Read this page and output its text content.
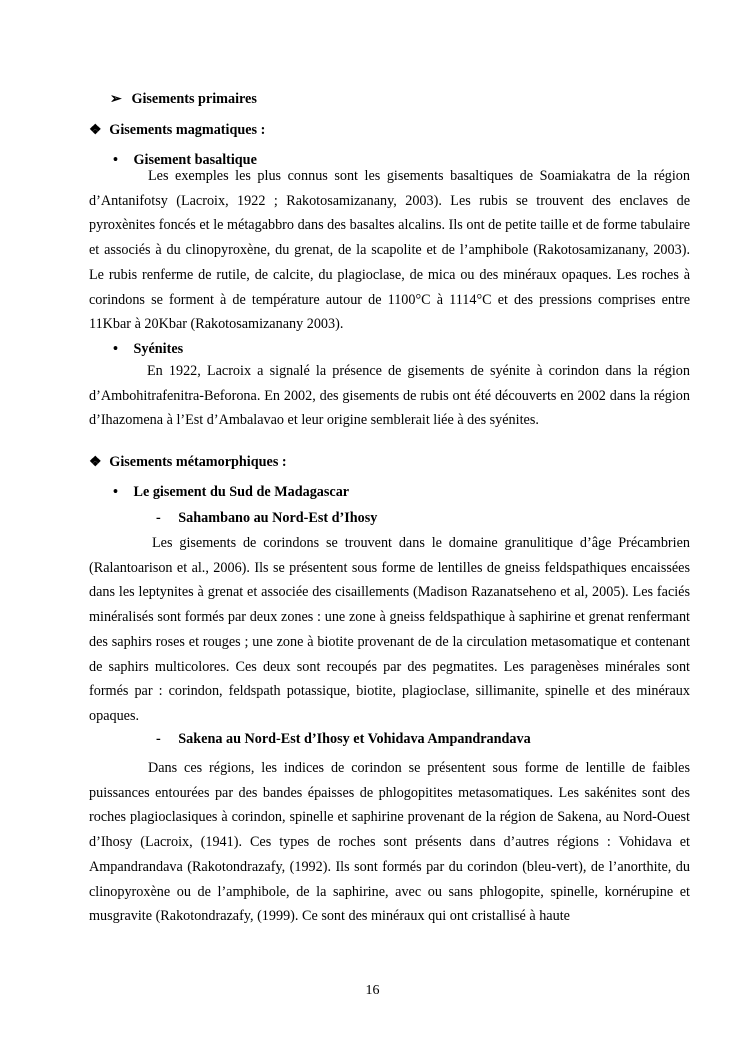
➢ Gisements primaires
❖ Gisements magmatiques :
• Gisement basaltique
Les exemples les plus connus sont les gisements basaltiques de Soamiakatra de la région d’Antanifotsy (Lacroix, 1922 ; Rakotosamizanany, 2003). Les rubis se trouvent des enclaves de pyroxènites foncés et le métagabbro dans des basaltes alcalins. Ils ont de petite taille et de forme tabulaire et associés à du clinopyroxène, du grenat, de la scapolite et de l’amphibole (Rakotosamizanany, 2003). Le rubis renferme de rutile, de calcite, du plagioclase, de mica ou des minéraux opaques. Les roches à corindons se forment à de température autour de 1100°C à 1114°C et des pressions comprises entre 11Kbar à 20Kbar (Rakotosamizanany 2003).
• Syénites
En 1922, Lacroix a signalé la présence de gisements de syénite à corindon dans la région d’Ambohitrafenitra-Beforona. En 2002, des gisements de rubis ont été découverts en 2002 dans la région d’Ihazomena à l’Est d’Ambalavao et leur origine semblerait liée à des syénites.
❖ Gisements métamorphiques :
• Le gisement du Sud de Madagascar
- Sahambano au Nord-Est d’Ihosy
Les gisements de corindons se trouvent dans le domaine granulitique d’âge Précambrien (Ralantoarison et al., 2006). Ils se présentent sous forme de lentilles de gneiss feldspathiques encaissées dans les leptynites à grenat et associée des cisaillements (Madison Razanatseheno et al, 2005). Les faciés minéralisés sont formés par deux zones : une zone à gneiss feldspathique à saphirine et grenat renfermant des saphirs roses et rouges ; une zone à biotite provenant de de la circulation metasomatique et contenant de saphirs multicolores. Ces deux sont recoupés par des pegmatites. Les paragenèses minérales sont formés par : corindon, feldspath potassique, biotite, plagioclase, sillimanite, spinelle et des minéraux opaques.
- Sakena au Nord-Est d’Ihosy et Vohidava Ampandrandava
Dans ces régions, les indices de corindon se présentent sous forme de lentille de faibles puissances entourées par des bandes épaisses de phlogopitites metasomatiques. Les sakénites sont des roches plagioclasiques à corindon, spinelle et saphirine provenant de la région de Sakena, au Nord-Ouest d’Ihosy (Lacroix, (1941). Ces types de roches sont présents dans d’autres régions : Vohidava et Ampandrandava (Rakotondrazafy, (1992). Ils sont formés par du corindon (bleu-vert), de l’anorthite, du clinopyroxène ou de l’amphibole, de la saphirine, avec ou sans phlogopite, spinelle, kornérupine et musgravite (Rakotondrazafy, (1999). Ce sont des minéraux qui ont cristallisé à haute
16
